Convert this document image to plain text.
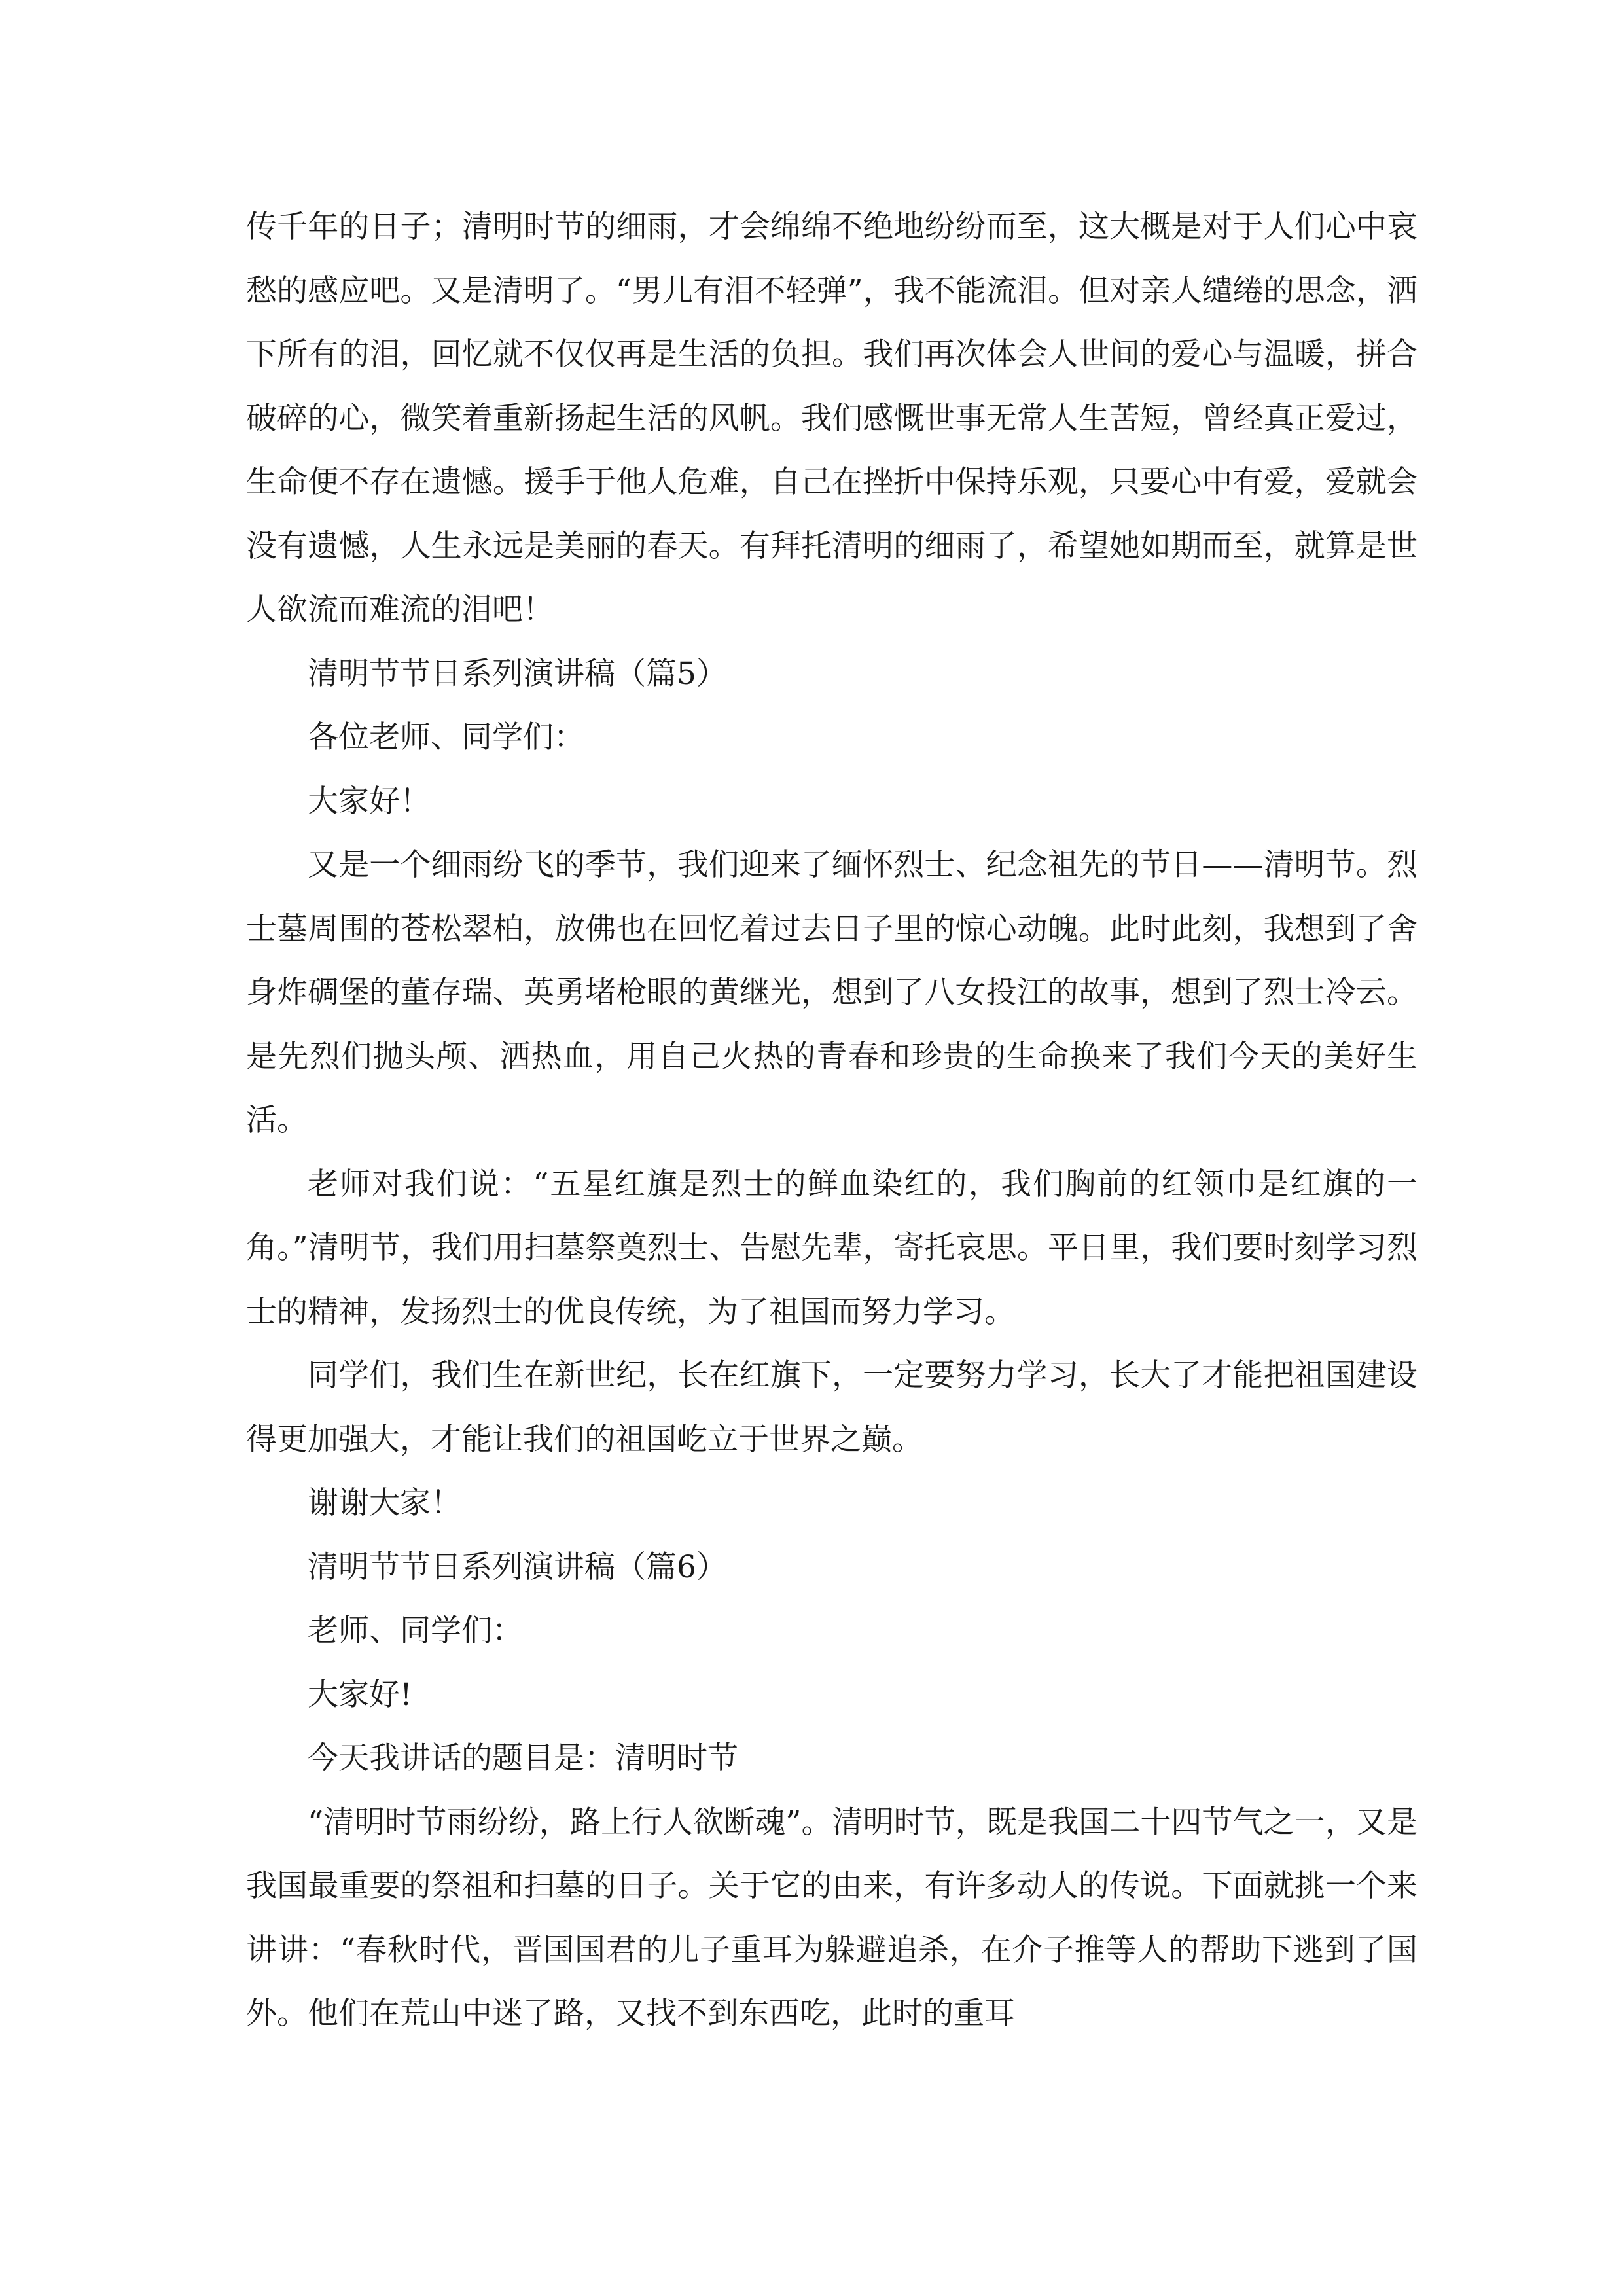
传千年的日子；清明时节的细雨，才会绵绵不绝地纷纷而至，这大概是对于人们心中哀愁的感应吧。又是清明了。“男儿有泪不轻弹”，我不能流泪。但对亲人缱绻的思念，洒下所有的泪，回忆就不仅仅再是生活的负担。我们再次体会人世间的爱心与温暖，拼合破碎的心，微笑着重新扬起生活的风帆。我们感慨世事无常人生苦短，曾经真正爱过，生命便不存在遗憾。援手于他人危难，自己在挫折中保持乐观，只要心中有爱，爱就会没有遗憾，人生永远是美丽的春天。有拜托清明的细雨了，希望她如期而至，就算是世人欲流而难流的泪吧！

清明节节日系列演讲稿（篇5）

各位老师、同学们：

大家好！

又是一个细雨纷飞的季节，我们迎来了缅怀烈士、纪念祖先的节日——清明节。烈士墓周围的苍松翠柏，放佛也在回忆着过去日子里的惊心动魄。此时此刻，我想到了舍身炸碉堡的董存瑞、英勇堵枪眼的黄继光，想到了八女投江的故事，想到了烈士冷云。是先烈们抛头颅、洒热血，用自己火热的青春和珍贵的生命换来了我们今天的美好生活。

老师对我们说：“五星红旗是烈士的鲜血染红的，我们胸前的红领巾是红旗的一角。”清明节，我们用扫墓祭奠烈士、告慰先辈，寄托哀思。平日里，我们要时刻学习烈士的精神，发扬烈士的优良传统，为了祖国而努力学习。

同学们，我们生在新世纪，长在红旗下，一定要努力学习，长大了才能把祖国建设得更加强大，才能让我们的祖国屹立于世界之巅。

谢谢大家！

清明节节日系列演讲稿（篇6）

老师、同学们：

大家好!

今天我讲话的题目是：清明时节

“清明时节雨纷纷，路上行人欲断魂”。清明时节，既是我国二十四节气之一，又是我国最重要的祭祖和扫墓的日子。关于它的由来，有许多动人的传说。下面就挑一个来讲讲：“春秋时代，晋国国君的儿子重耳为躲避追杀，在介子推等人的帮助下逃到了国外。他们在荒山中迷了路，又找不到东西吃，此时的重耳
